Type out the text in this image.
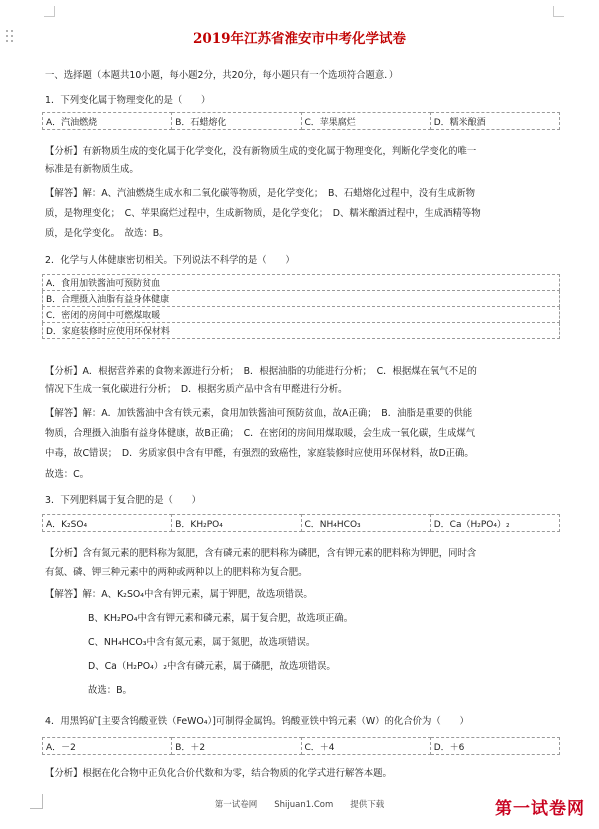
2019年江苏省淮安市中考化学试卷
一、选择题（本题共10小题，每小题2分，共20分，每小题只有一个选项符合题意．）
1．下列变化属于物理变化的是（　　）
A．汽油燃烧	B．石蜡熔化	C．苹果腐烂	D．糯米酿酒
【分析】有新物质生成的变化属于化学变化，没有新物质生成的变化属于物理变化，判断化学变化的唯一
标准是有新物质生成。
【解答】解：A、汽油燃烧生成水和二氧化碳等物质，是化学变化；　B、石蜡熔化过程中，没有生成新物
质，是物理变化；　C、苹果腐烂过程中，生成新物质，是化学变化；　D、糯米酿酒过程中，生成酒精等物
质，是化学变化。　故选：B。
2．化学与人体健康密切相关。下列说法不科学的是（　　）
A．食用加铁酱油可预防贫血
B．合理摄入油脂有益身体健康
C．密闭的房间中可燃煤取暖
D．家庭装修时应使用环保材料
【分析】A．根据营养素的食物来源进行分析；　B．根据油脂的功能进行分析；　C．根据煤在氧气不足的
情况下生成一氧化碳进行分析；　D．根据劣质产品中含有甲醛进行分析。
【解答】解：A．加铁酱油中含有铁元素，食用加铁酱油可预防贫血，故A正确；　B．油脂是重要的供能
物质，合理摄入油脂有益身体健康，故B正确；　C．在密闭的房间用煤取暖，会生成一氧化碳，生成煤气
中毒，故C错误；　D．劣质家俱中含有甲醛，有强烈的致癌性，家庭装修时应使用环保材料，故D正确。
故选：C。
3．下列肥料属于复合肥的是（　　）
A．K₂SO₄	B．KH₂PO₄	C．NH₄HCO₃	D．Ca（H₂PO₄）₂
【分析】含有氮元素的肥料称为氮肥，含有磷元素的肥料称为磷肥，含有钾元素的肥料称为钾肥，同时含
有氮、磷、钾三种元素中的两种或两种以上的肥料称为复合肥。
【解答】解：A、K₂SO₄中含有钾元素，属于钾肥，故选项错误。
B、KH₂PO₄中含有钾元素和磷元素，属于复合肥，故选项正确。
C、NH₄HCO₃中含有氮元素，属于氮肥，故选项错误。
D、Ca（H₂PO₄）₂中含有磷元素，属于磷肥，故选项错误。
故选：B。
4．用黑钨矿[主要含钨酸亚铁（FeWO₄）]可制得金属钨。钨酸亚铁中钨元素（W）的化合价为（　　）
A．－2	B．＋2	C．＋4	D．＋6
【分析】根据在化合物中正负化合价代数和为零，结合物质的化学式进行解答本题。
第一试卷网　　Shijuan1.Com　　提供下载	第一试卷网
